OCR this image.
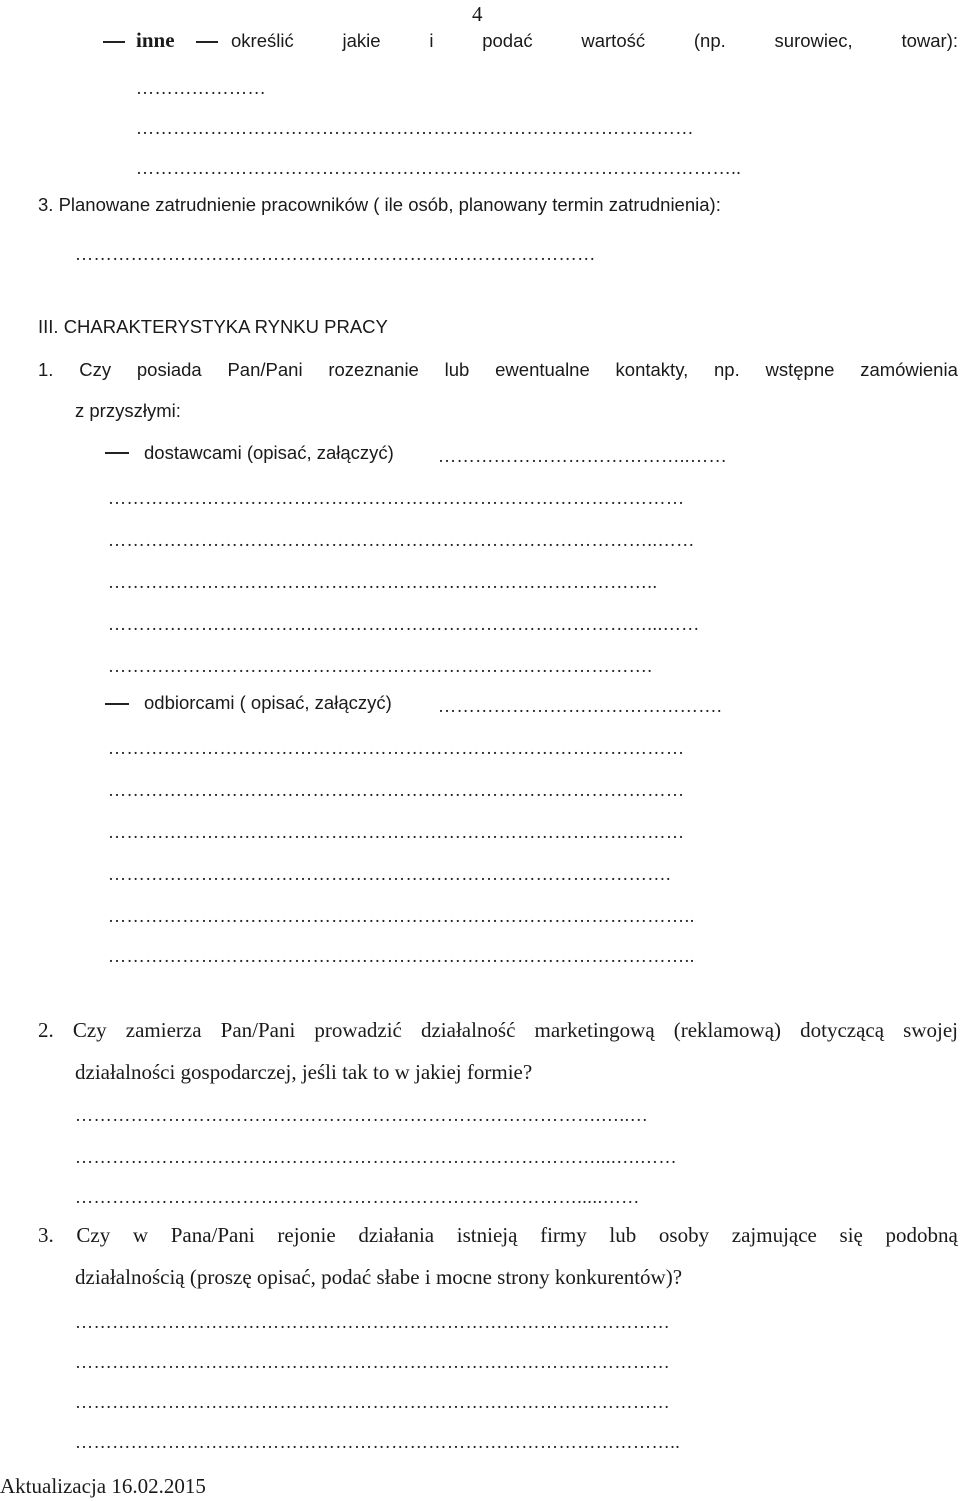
4
inne	określić	jakie	i	podać	wartość	(np.	surowiec,	towar):
…………………
………………………………………………………………………………
……………………………………………………………………………………..
3. Planowane zatrudnienie pracowników ( ile osób, planowany termin zatrudnienia):
…………………………………………………………………………
III. CHARAKTERYSTYKA RYNKU PRACY
1. Czy posiada Pan/Pani rozeznanie lub ewentualne kontakty, np. wstępne zamówienia
z przyszłymi:
dostawcami (opisać, załączyć) …………………………………..……
…………………………………………………………………………………
……………………………………………………………………………..……
……………………………………………………………………………..
……………………………………………………………………………...……
…………………………………………………………………………….
odbiorcami ( opisać, załączyć)	……………………………………….
…………………………………………………………………………………
…………………………………………………………………………………
…………………………………………………………………………………
……………………………………………………………………………….
…………………………………………………………………………………..
…………………………………………………………………………………..
2. Czy zamierza Pan/Pani prowadzić działalność marketingową (reklamową) dotyczącą swojej
działalności gospodarczej, jeśli tak to w jakiej formie?
………………………………………………………………………….…..…
…………………………………………………………………………....….……
……………………………………………………………………….....……
3. Czy w Pana/Pani rejonie działania istnieją firmy lub osoby zajmujące się podobną
działalnością (proszę opisać, podać słabe i mocne strony konkurentów)?
……………………………………………………………………………………
……………………………………………………………………………………
……………………………………………………………………………………
……………………………………………………………………………………..
Aktualizacja 16.02.2015
